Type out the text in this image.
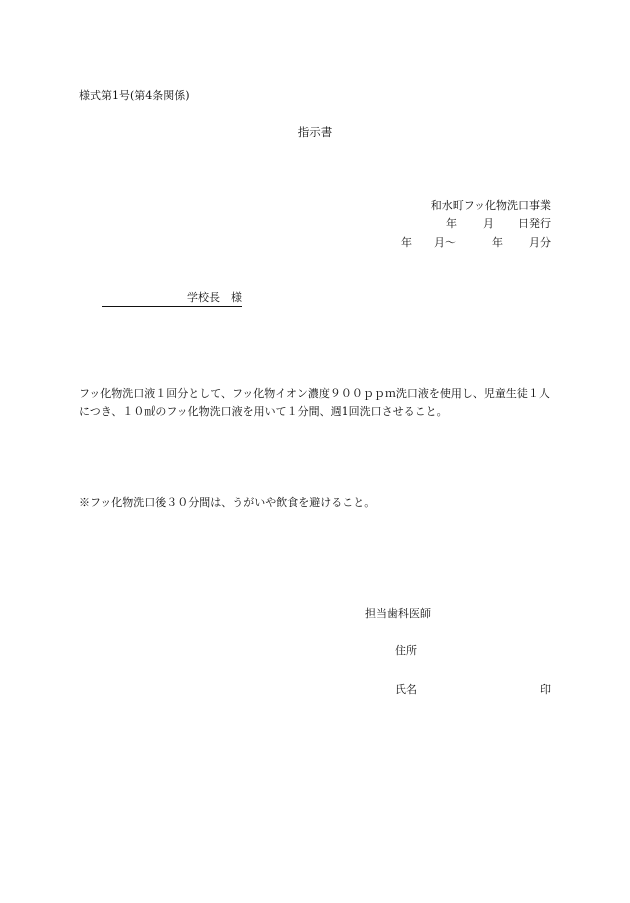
様式第1号(第4条関係)
指示書
和水町フッ化物洗口事業
年 月 日発行
年 月〜	年 月分
学校長　様
フッ化物洗口液１回分として、フッ化物イオン濃度９００ｐｐｍ洗口液を使用し、児童生徒１人につき、１０㎖のフッ化物洗口液を用いて１分間、週1回洗口させること。
※フッ化物洗口後３０分間は、うがいや飲食を避けること。
担当歯科医師
住所
氏名	印
